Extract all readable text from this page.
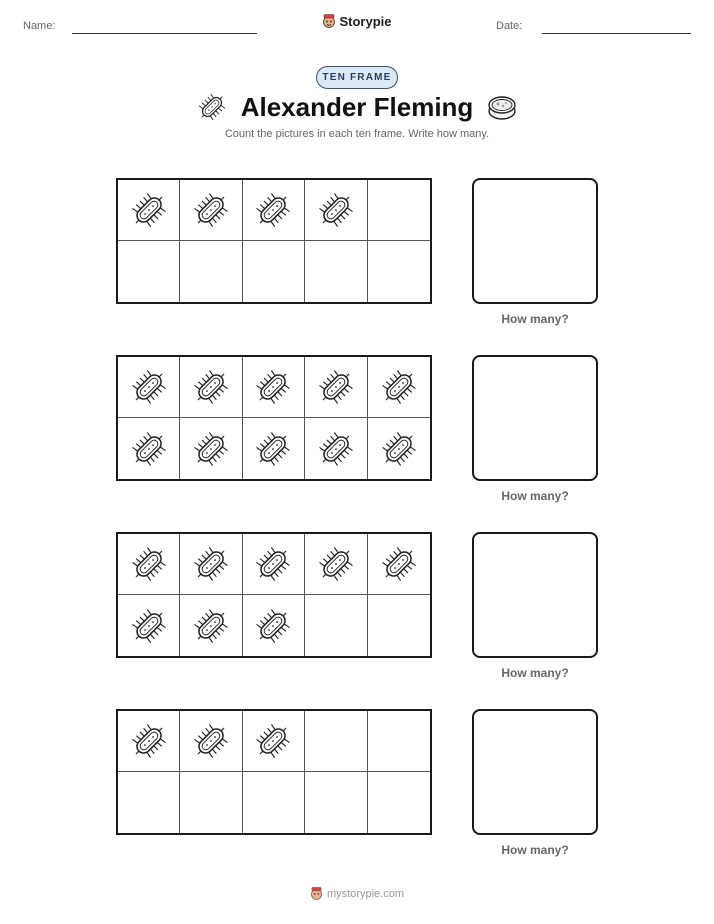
Name:	Storypie	Date:
TEN FRAME
Alexander Fleming
Count the pictures in each ten frame. Write how many.
How many?
How many?
How many?
How many?
mystorypie.com
